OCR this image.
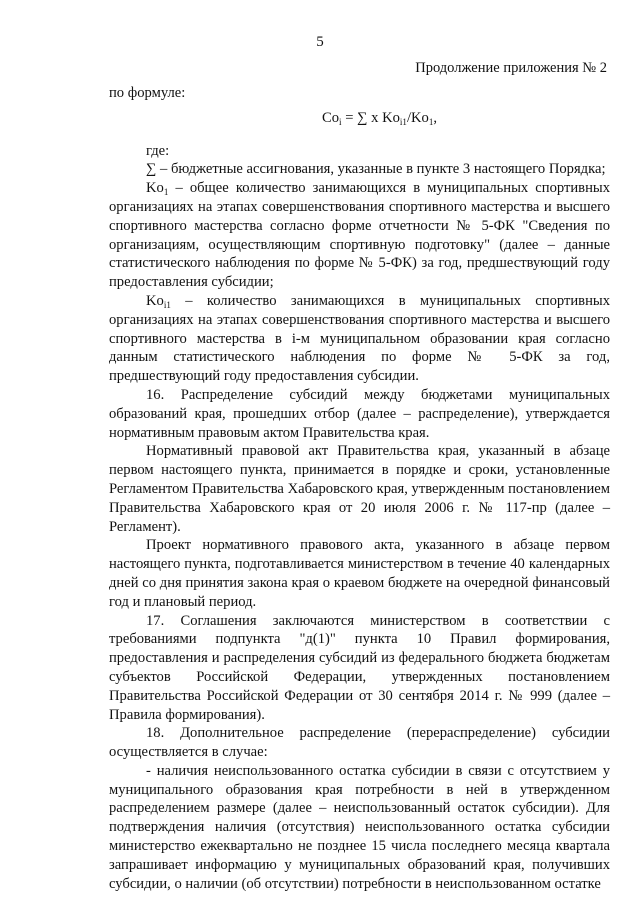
5
Продолжение приложения № 2

по формуле:

$Co_i$ = ∑ x $Ko_{i1}/Ko_1$,

где:

∑ – бюджетные ассигнования, указанные в пункте 3 настоящего Порядка;

$Ko_1$ – общее количество занимающихся в муниципальных спортивных организациях на этапах совершенствования спортивного мастерства и высшего спортивного мастерства согласно форме отчетности № 5-ФК "Сведения по организациям, осуществляющим спортивную подготовку" (далее – данные статистического наблюдения по форме № 5-ФК) за год, предшествующий году предоставления субсидии;

$Ko_{i1}$ – количество занимающихся в муниципальных спортивных организациях на этапах совершенствования спортивного мастерства и высшего спортивного мастерства в i-м муниципальном образовании края согласно данным статистического наблюдения по форме № 5-ФК за год, предшествующий году предоставления субсидии.

16. Распределение субсидий между бюджетами муниципальных образований края, прошедших отбор (далее – распределение), утверждается нормативным правовым актом Правительства края.

Нормативный правовой акт Правительства края, указанный в абзаце первом настоящего пункта, принимается в порядке и сроки, установленные Регламентом Правительства Хабаровского края, утвержденным постановлением Правительства Хабаровского края от 20 июля 2006 г. № 117-пр (далее – Регламент).

Проект нормативного правового акта, указанного в абзаце первом настоящего пункта, подготавливается министерством в течение 40 календарных дней со дня принятия закона края о краевом бюджете на очередной финансовый год и плановый период.

17. Соглашения заключаются министерством в соответствии с требованиями подпункта "д(1)" пункта 10 Правил формирования, предоставления и распределения субсидий из федерального бюджета бюджетам субъектов Российской Федерации, утвержденных постановлением Правительства Российской Федерации от 30 сентября 2014 г. № 999 (далее – Правила формирования).

18. Дополнительное распределение (перераспределение) субсидии осуществляется в случае:

- наличия неиспользованного остатка субсидии в связи с отсутствием у муниципального образования края потребности в ней в утвержденном распределением размере (далее – неиспользованный остаток субсидии). Для подтверждения наличия (отсутствия) неиспользованного остатка субсидии министерство ежеквартально не позднее 15 числа последнего месяца квартала запрашивает информацию у муниципальных образований края, получивших субсидии, о наличии (об отсутствии) потребности в неиспользованном остатке
